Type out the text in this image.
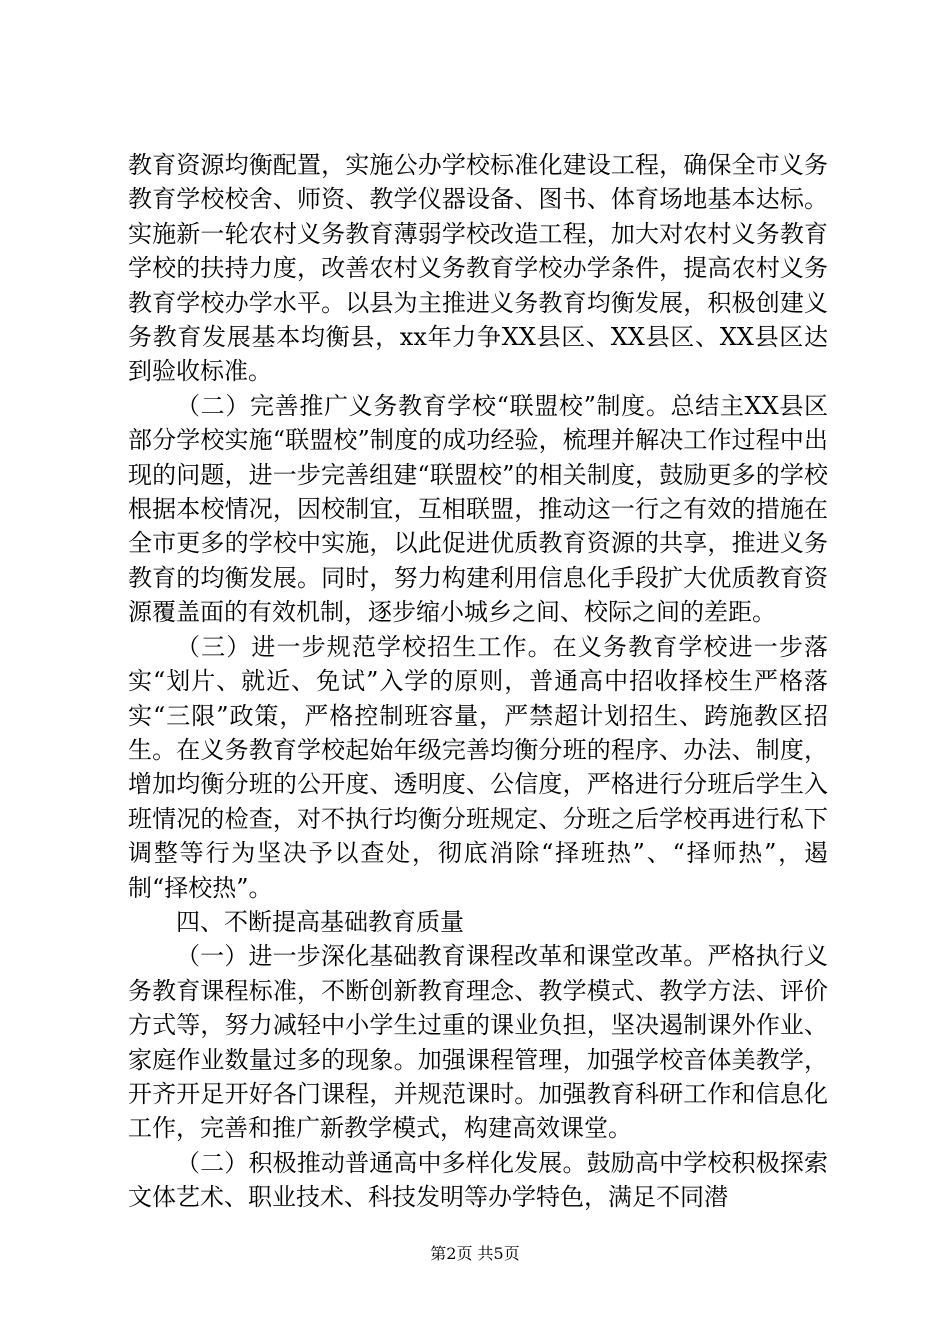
教育资源均衡配置，实施公办学校标准化建设工程，确保全市义务教育学校校舍、师资、教学仪器设备、图书、体育场地基本达标。实施新一轮农村义务教育薄弱学校改造工程，加大对农村义务教育学校的扶持力度，改善农村义务教育学校办学条件，提高农村义务教育学校办学水平。以县为主推进义务教育均衡发展，积极创建义务教育发展基本均衡县，xx年力争XX县区、XX县区、XX县区达到验收标准。

（二）完善推广义务教育学校“联盟校”制度。总结主XX县区部分学校实施“联盟校”制度的成功经验，梳理并解决工作过程中出现的问题，进一步完善组建“联盟校”的相关制度，鼓励更多的学校根据本校情况，因校制宜，互相联盟，推动这一行之有效的措施在全市更多的学校中实施，以此促进优质教育资源的共享，推进义务教育的均衡发展。同时，努力构建利用信息化手段扩大优质教育资源覆盖面的有效机制，逐步缩小城乡之间、校际之间的差距。

（三）进一步规范学校招生工作。在义务教育学校进一步落实“划片、就近、免试”入学的原则，普通高中招收择校生严格落实“三限”政策，严格控制班容量，严禁超计划招生、跨施教区招生。在义务教育学校起始年级完善均衡分班的程序、办法、制度，增加均衡分班的公开度、透明度、公信度，严格进行分班后学生入班情况的检查，对不执行均衡分班规定、分班之后学校再进行私下调整等行为坚决予以查处，彻底消除“择班热”、“择师热”，遏制“择校热”。

四、不断提高基础教育质量

（一）进一步深化基础教育课程改革和课堂改革。严格执行义务教育课程标准，不断创新教育理念、教学模式、教学方法、评价方式等，努力减轻中小学生过重的课业负担，坚决遏制课外作业、家庭作业数量过多的现象。加强课程管理，加强学校音体美教学，开齐开足开好各门课程，并规范课时。加强教育科研工作和信息化工作，完善和推广新教学模式，构建高效课堂。

（二）积极推动普通高中多样化发展。鼓励高中学校积极探索文体艺术、职业技术、科技发明等办学特色，满足不同潜

第2页 共5页
